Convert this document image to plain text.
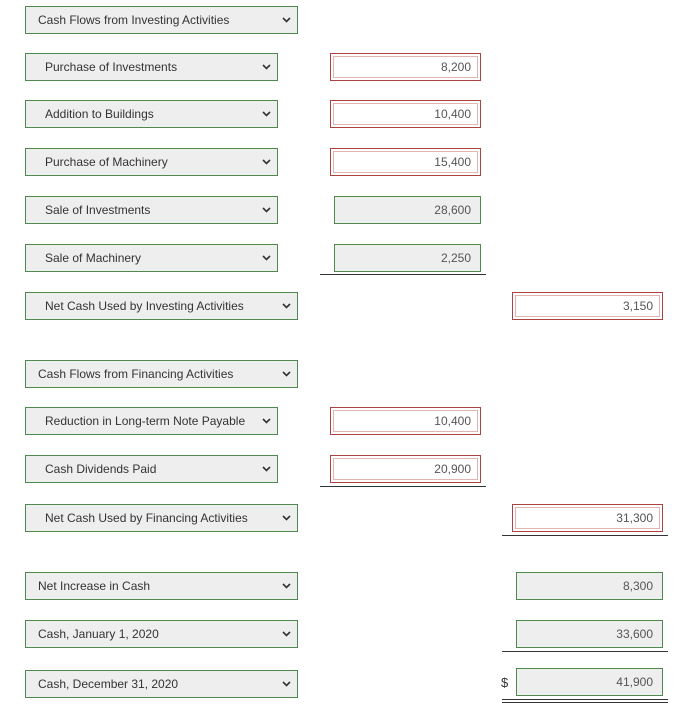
Cash Flows from Investing Activities
Purchase of Investments	8,200
Addition to Buildings	10,400
Purchase of Machinery	15,400
Sale of Investments	28,600
Sale of Machinery	2,250
Net Cash Used by Investing Activities	3,150
Cash Flows from Financing Activities
Reduction in Long-term Note Payable	10,400
Cash Dividends Paid	20,900
Net Cash Used by Financing Activities	31,300
Net Increase in Cash	8,300
Cash, January 1, 2020	33,600
Cash, December 31, 2020	$	41,900
